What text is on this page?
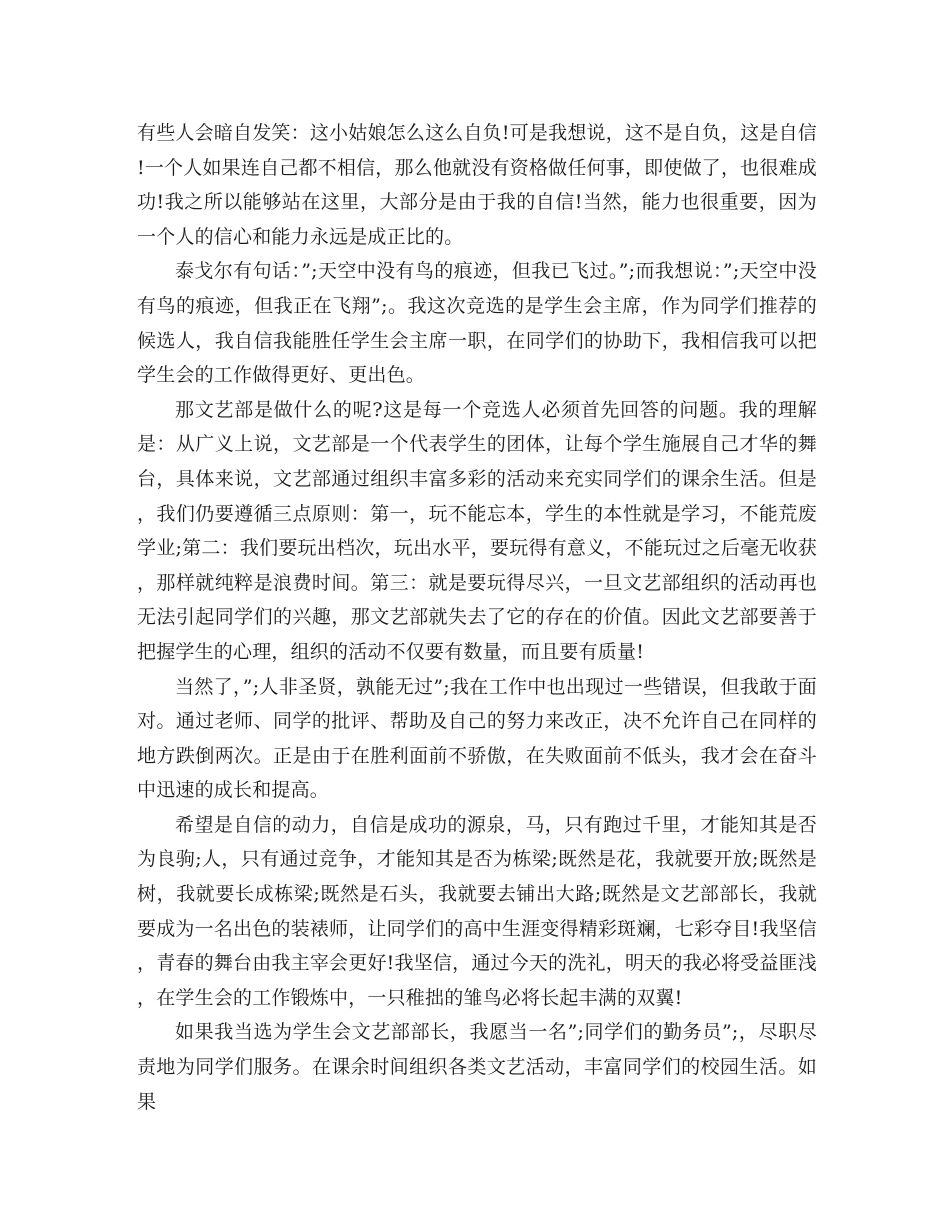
有些人会暗自发笑：这小姑娘怎么这么自负!可是我想说，这不是自负，这是自信!一个人如果连自己都不相信，那么他就没有资格做任何事，即使做了，也很难成功!我之所以能够站在这里，大部分是由于我的自信!当然，能力也很重要，因为一个人的信心和能力永远是成正比的。

泰戈尔有句话：”;天空中没有鸟的痕迹，但我已飞过。”;而我想说：”;天空中没有鸟的痕迹，但我正在飞翔”;。我这次竞选的是学生会主席，作为同学们推荐的候选人，我自信我能胜任学生会主席一职，在同学们的协助下，我相信我可以把学生会的工作做得更好、更出色。

那文艺部是做什么的呢?这是每一个竞选人必须首先回答的问题。我的理解是：从广义上说，文艺部是一个代表学生的团体，让每个学生施展自己才华的舞台，具体来说，文艺部通过组织丰富多彩的活动来充实同学们的课余生活。但是，我们仍要遵循三点原则：第一，玩不能忘本，学生的本性就是学习，不能荒废学业;第二：我们要玩出档次，玩出水平，要玩得有意义，不能玩过之后毫无收获，那样就纯粹是浪费时间。第三：就是要玩得尽兴，一旦文艺部组织的活动再也无法引起同学们的兴趣，那文艺部就失去了它的存在的价值。因此文艺部要善于把握学生的心理，组织的活动不仅要有数量，而且要有质量!

当然了，”;人非圣贤，孰能无过”;我在工作中也出现过一些错误，但我敢于面对。通过老师、同学的批评、帮助及自己的努力来改正，决不允许自己在同样的地方跌倒两次。正是由于在胜利面前不骄傲，在失败面前不低头，我才会在奋斗中迅速的成长和提高。

希望是自信的动力，自信是成功的源泉，马，只有跑过千里，才能知其是否为良驹;人，只有通过竞争，才能知其是否为栋梁;既然是花，我就要开放;既然是树，我就要长成栋梁;既然是石头，我就要去铺出大路;既然是文艺部部长，我就要成为一名出色的装裱师，让同学们的高中生涯变得精彩斑斓，七彩夺目!我坚信，青春的舞台由我主宰会更好!我坚信，通过今天的洗礼，明天的我必将受益匪浅，在学生会的工作锻炼中，一只稚拙的雏鸟必将长起丰满的双翼!

如果我当选为学生会文艺部部长，我愿当一名”;同学们的勤务员”;，尽职尽责地为同学们服务。在课余时间组织各类文艺活动，丰富同学们的校园生活。如果
